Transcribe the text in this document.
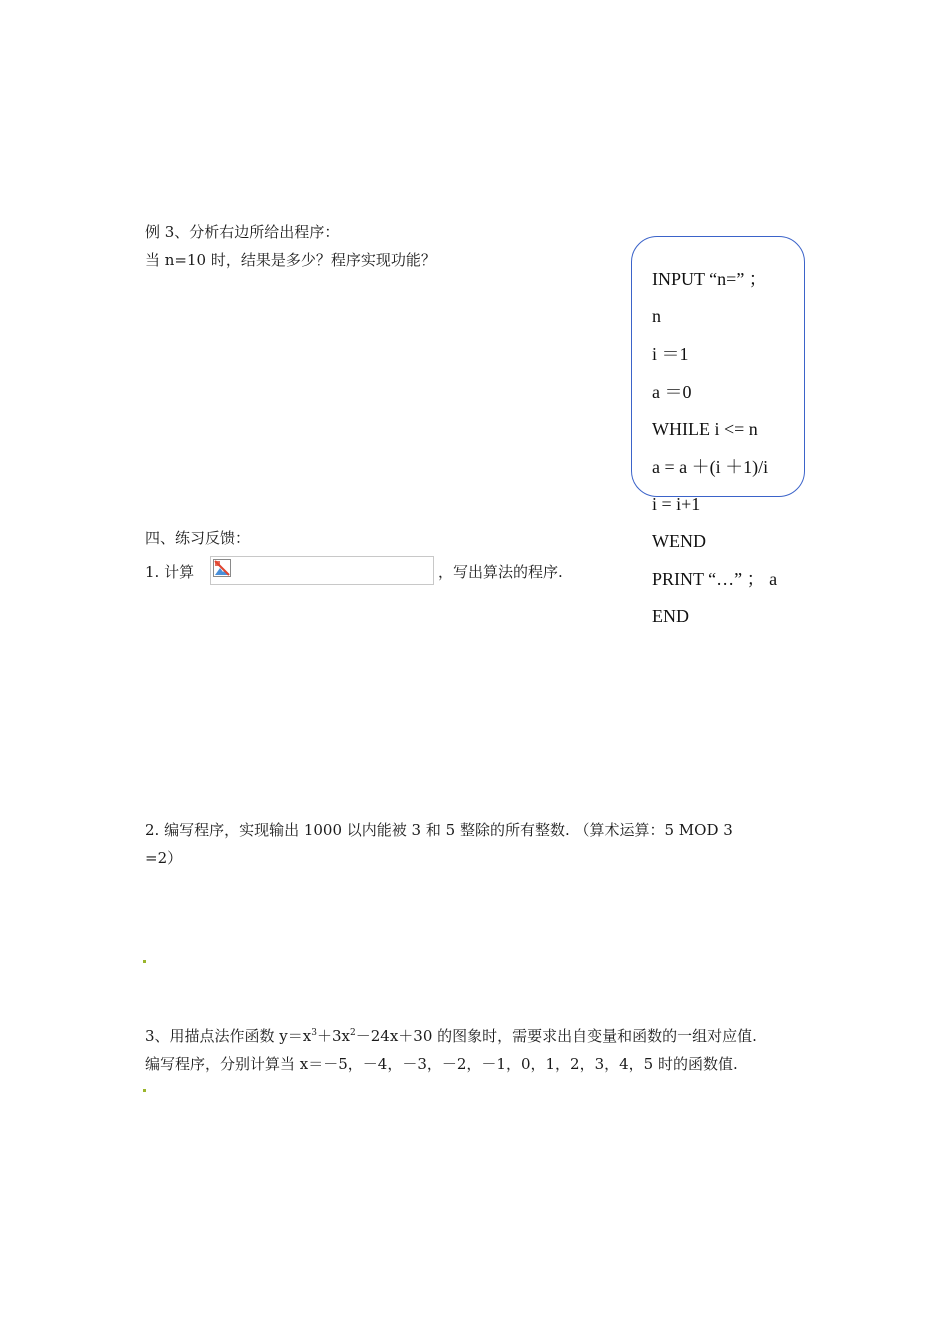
例 3、分析右边所给出程序：
当 n=10 时，结果是多少？程序实现功能？
INPUT “n=” ；
n
i ＝1
a ＝0
WHILE i <= n
a = a ＋(i ＋1)/i
i = i+1
WEND
PRINT “…” ； a
END
四、练习反馈：
1. 计算	，写出算法的程序.
2. 编写程序，实现输出 1000 以内能被 3 和 5 整除的所有整数. （算术运算：5 MOD 3
=2）
3、用描点法作函数 $y=x^3+3x^2-24x+30$ 的图象时，需要求出自变量和函数的一组对应值.
编写程序，分别计算当 x＝－5，－4，－3，－2，－1，0，1，2，3，4，5 时的函数值.
